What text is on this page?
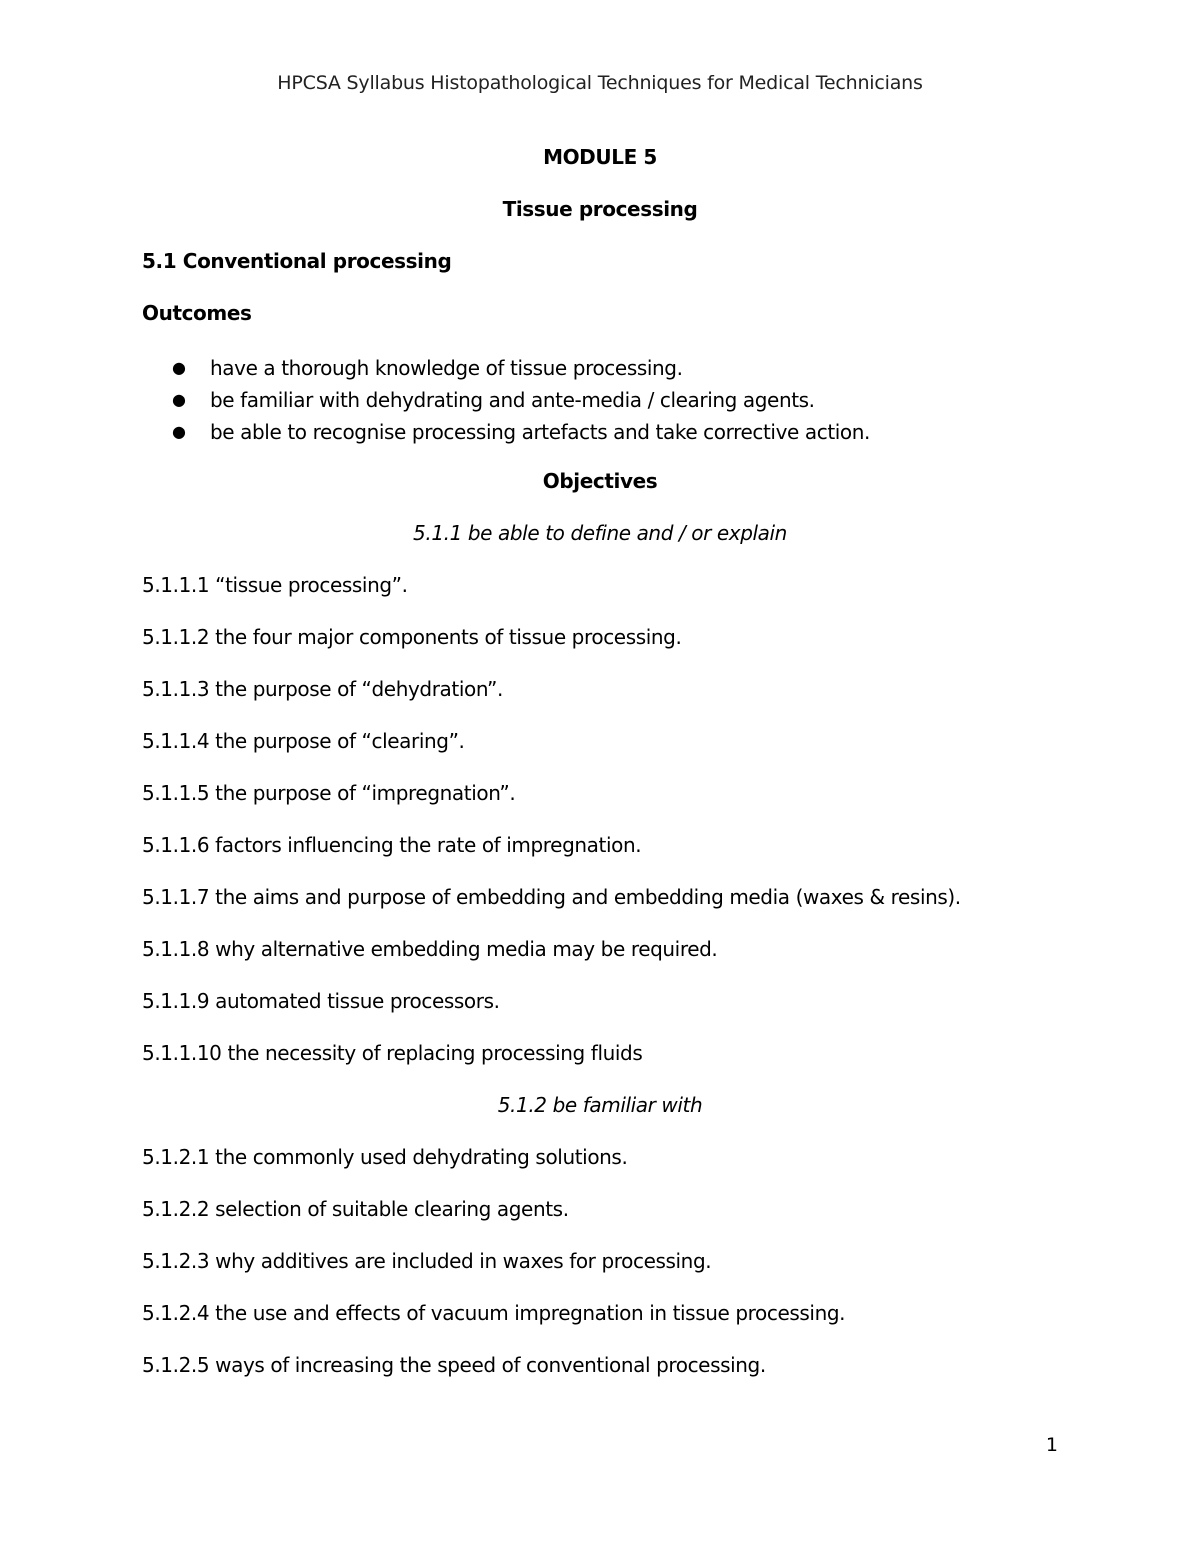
HPCSA Syllabus Histopathological Techniques for Medical Technicians
MODULE 5
Tissue processing
5.1 Conventional processing
Outcomes
● have a thorough knowledge of tissue processing.
● be familiar with dehydrating and ante-media / clearing agents.
● be able to recognise processing artefacts and take corrective action.
Objectives
5.1.1 be able to define and / or explain
5.1.1.1 “tissue processing”.
5.1.1.2 the four major components of tissue processing.
5.1.1.3 the purpose of “dehydration”.
5.1.1.4 the purpose of “clearing”.
5.1.1.5 the purpose of “impregnation”.
5.1.1.6 factors influencing the rate of impregnation.
5.1.1.7 the aims and purpose of embedding and embedding media (waxes & resins).
5.1.1.8 why alternative embedding media may be required.
5.1.1.9 automated tissue processors.
5.1.1.10 the necessity of replacing processing fluids
5.1.2 be familiar with
5.1.2.1 the commonly used dehydrating solutions.
5.1.2.2 selection of suitable clearing agents.
5.1.2.3 why additives are included in waxes for processing.
5.1.2.4 the use and effects of vacuum impregnation in tissue processing.
5.1.2.5 ways of increasing the speed of conventional processing.
1
